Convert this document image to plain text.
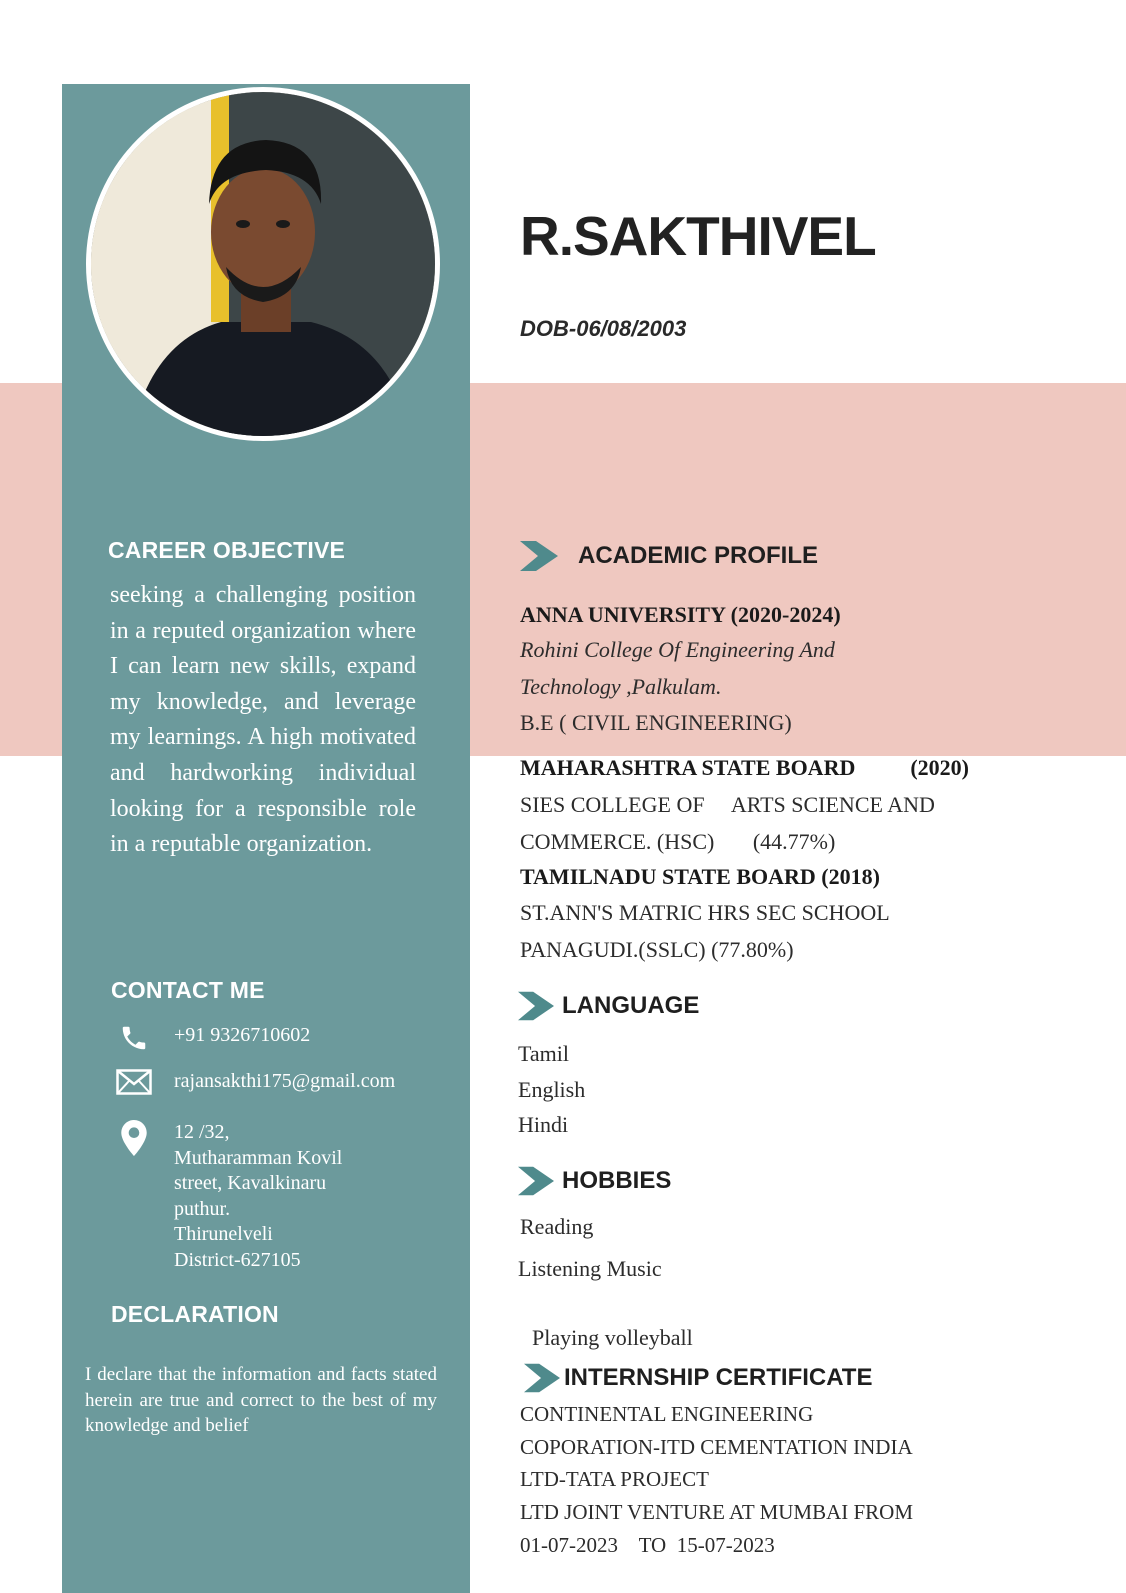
CAREER OBJECTIVE

seeking a challenging position in a reputed organization where I can learn new skills, expand my knowledge, and leverage my learnings. A high motivated and hardworking individual looking for a responsible role in a reputable organization.

CONTACT ME

+91 9326710602

rajansakthi175@gmail.com

12 /32,
Mutharamman Kovil
street, Kavalkinaru
puthur.
Thirunelveli
District-627105

DECLARATION

I declare that the information and facts stated herein are true and correct to the best of my knowledge and belief

R.SAKTHIVEL

DOB-06/08/2003

ACADEMIC PROFILE

ANNA UNIVERSITY (2020-2024)

Rohini College Of Engineering And

Technology ,Palkulam.

B.E ( CIVIL ENGINEERING)

MAHARASHTRA STATE BOARD          (2020)

SIES COLLEGE OF     ARTS SCIENCE AND

COMMERCE. (HSC)       (44.77%)

TAMILNADU STATE BOARD (2018)

ST.ANN'S MATRIC HRS SEC SCHOOL

PANAGUDI.(SSLC) (77.80%)

LANGUAGE

Tamil

English

Hindi

HOBBIES

Reading

Listening Music

Playing volleyball

INTERNSHIP CERTIFICATE

CONTINENTAL ENGINEERING

COPORATION-ITD CEMENTATION INDIA

LTD-TATA PROJECT

LTD JOINT VENTURE AT MUMBAI FROM

01-07-2023    TO  15-07-2023
